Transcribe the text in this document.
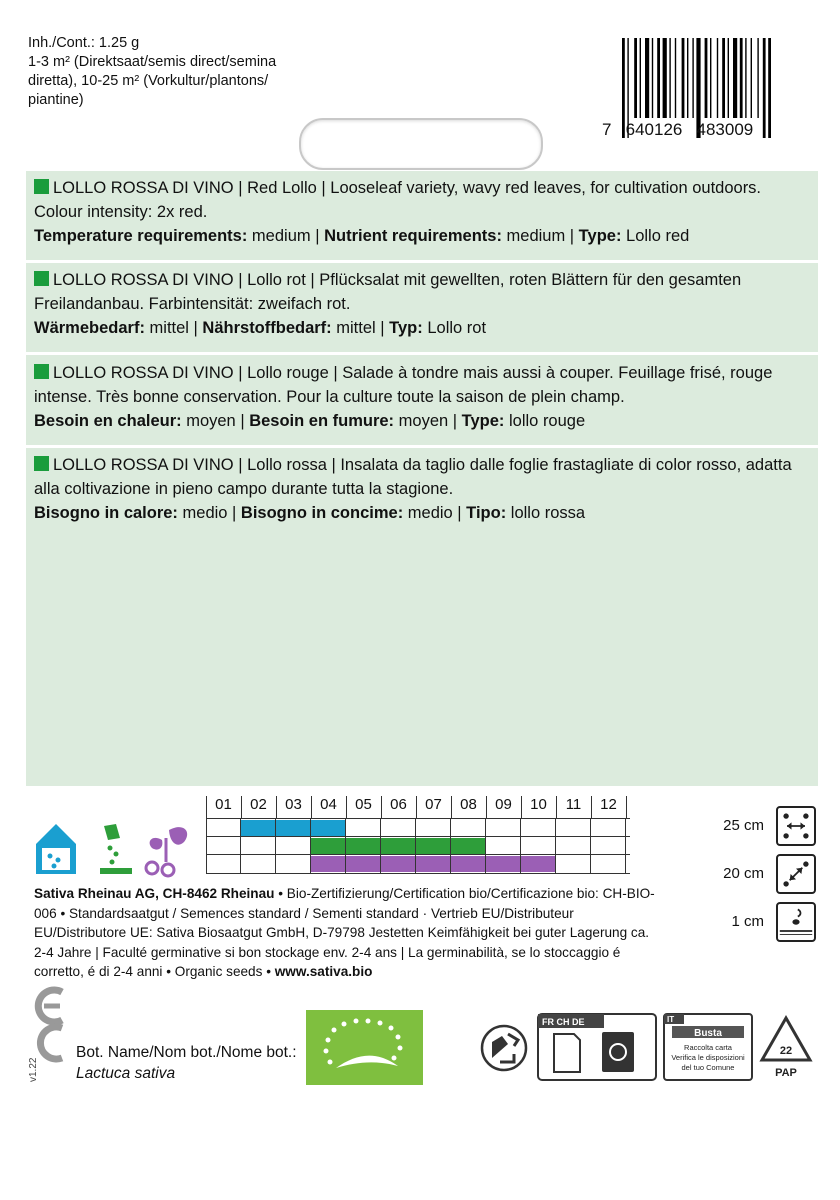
Inh./Cont.: 1.25 g
1-3 m² (Direktsaat/semis direct/semina
diretta), 10-25 m² (Vorkultur/plantons/
piantine)
7   640126   483009
LOLLO ROSSA DI VINO | Red Lollo | Looseleaf variety, wavy red leaves, for cultivation outdoors. Colour intensity: 2x red.
Temperature requirements: medium | Nutrient requirements: medium | Type: Lollo red
LOLLO ROSSA DI VINO | Lollo rot | Pflücksalat mit gewellten, roten Blättern für den gesamten Freilandanbau. Farbintensität: zweifach rot.
Wärmebedarf: mittel | Nährstoffbedarf: mittel | Typ: Lollo rot
LOLLO ROSSA DI VINO | Lollo rouge | Salade à tondre mais aussi à couper. Feuillage frisé, rouge intense. Très bonne conservation. Pour la culture toute la saison de plein champ.
Besoin en chaleur: moyen | Besoin en fumure: moyen | Type: lollo rouge
LOLLO ROSSA DI VINO | Lollo rossa | Insalata da taglio dalle foglie frastagliate di color rosso, adatta alla coltivazione in pieno campo durante tutta la stagione.
Bisogno in calore: medio | Bisogno in concime: medio | Tipo: lollo rossa
01	02	03	04	05	06	07	08	09	10	11	12
25 cm
20 cm
1 cm
Sativa Rheinau AG, CH-8462 Rheinau • Bio-Zertifizierung/Certification bio/Certificazione bio: CH-BIO-006 • Standardsaatgut / Semences standard / Sementi standard · Vertrieb EU/Distributeur EU/Distributore UE: Sativa Biosaatgut GmbH, D-79798 Jestetten Keimfähigkeit bei guter Lagerung ca. 2-4 Jahre | Faculté germinative si bon stockage env. 2-4 ans | La germinabilità, se lo stoccaggio é corretto, é di 2-4 anni • Organic seeds • www.sativa.bio
v1.22
Bot. Name/Nom bot./Nome bot.:
Lactuca sativa
FR CH DE	IT
Busta
Raccolta carta
Verifica le disposizioni
del tuo Comune
22
PAP
